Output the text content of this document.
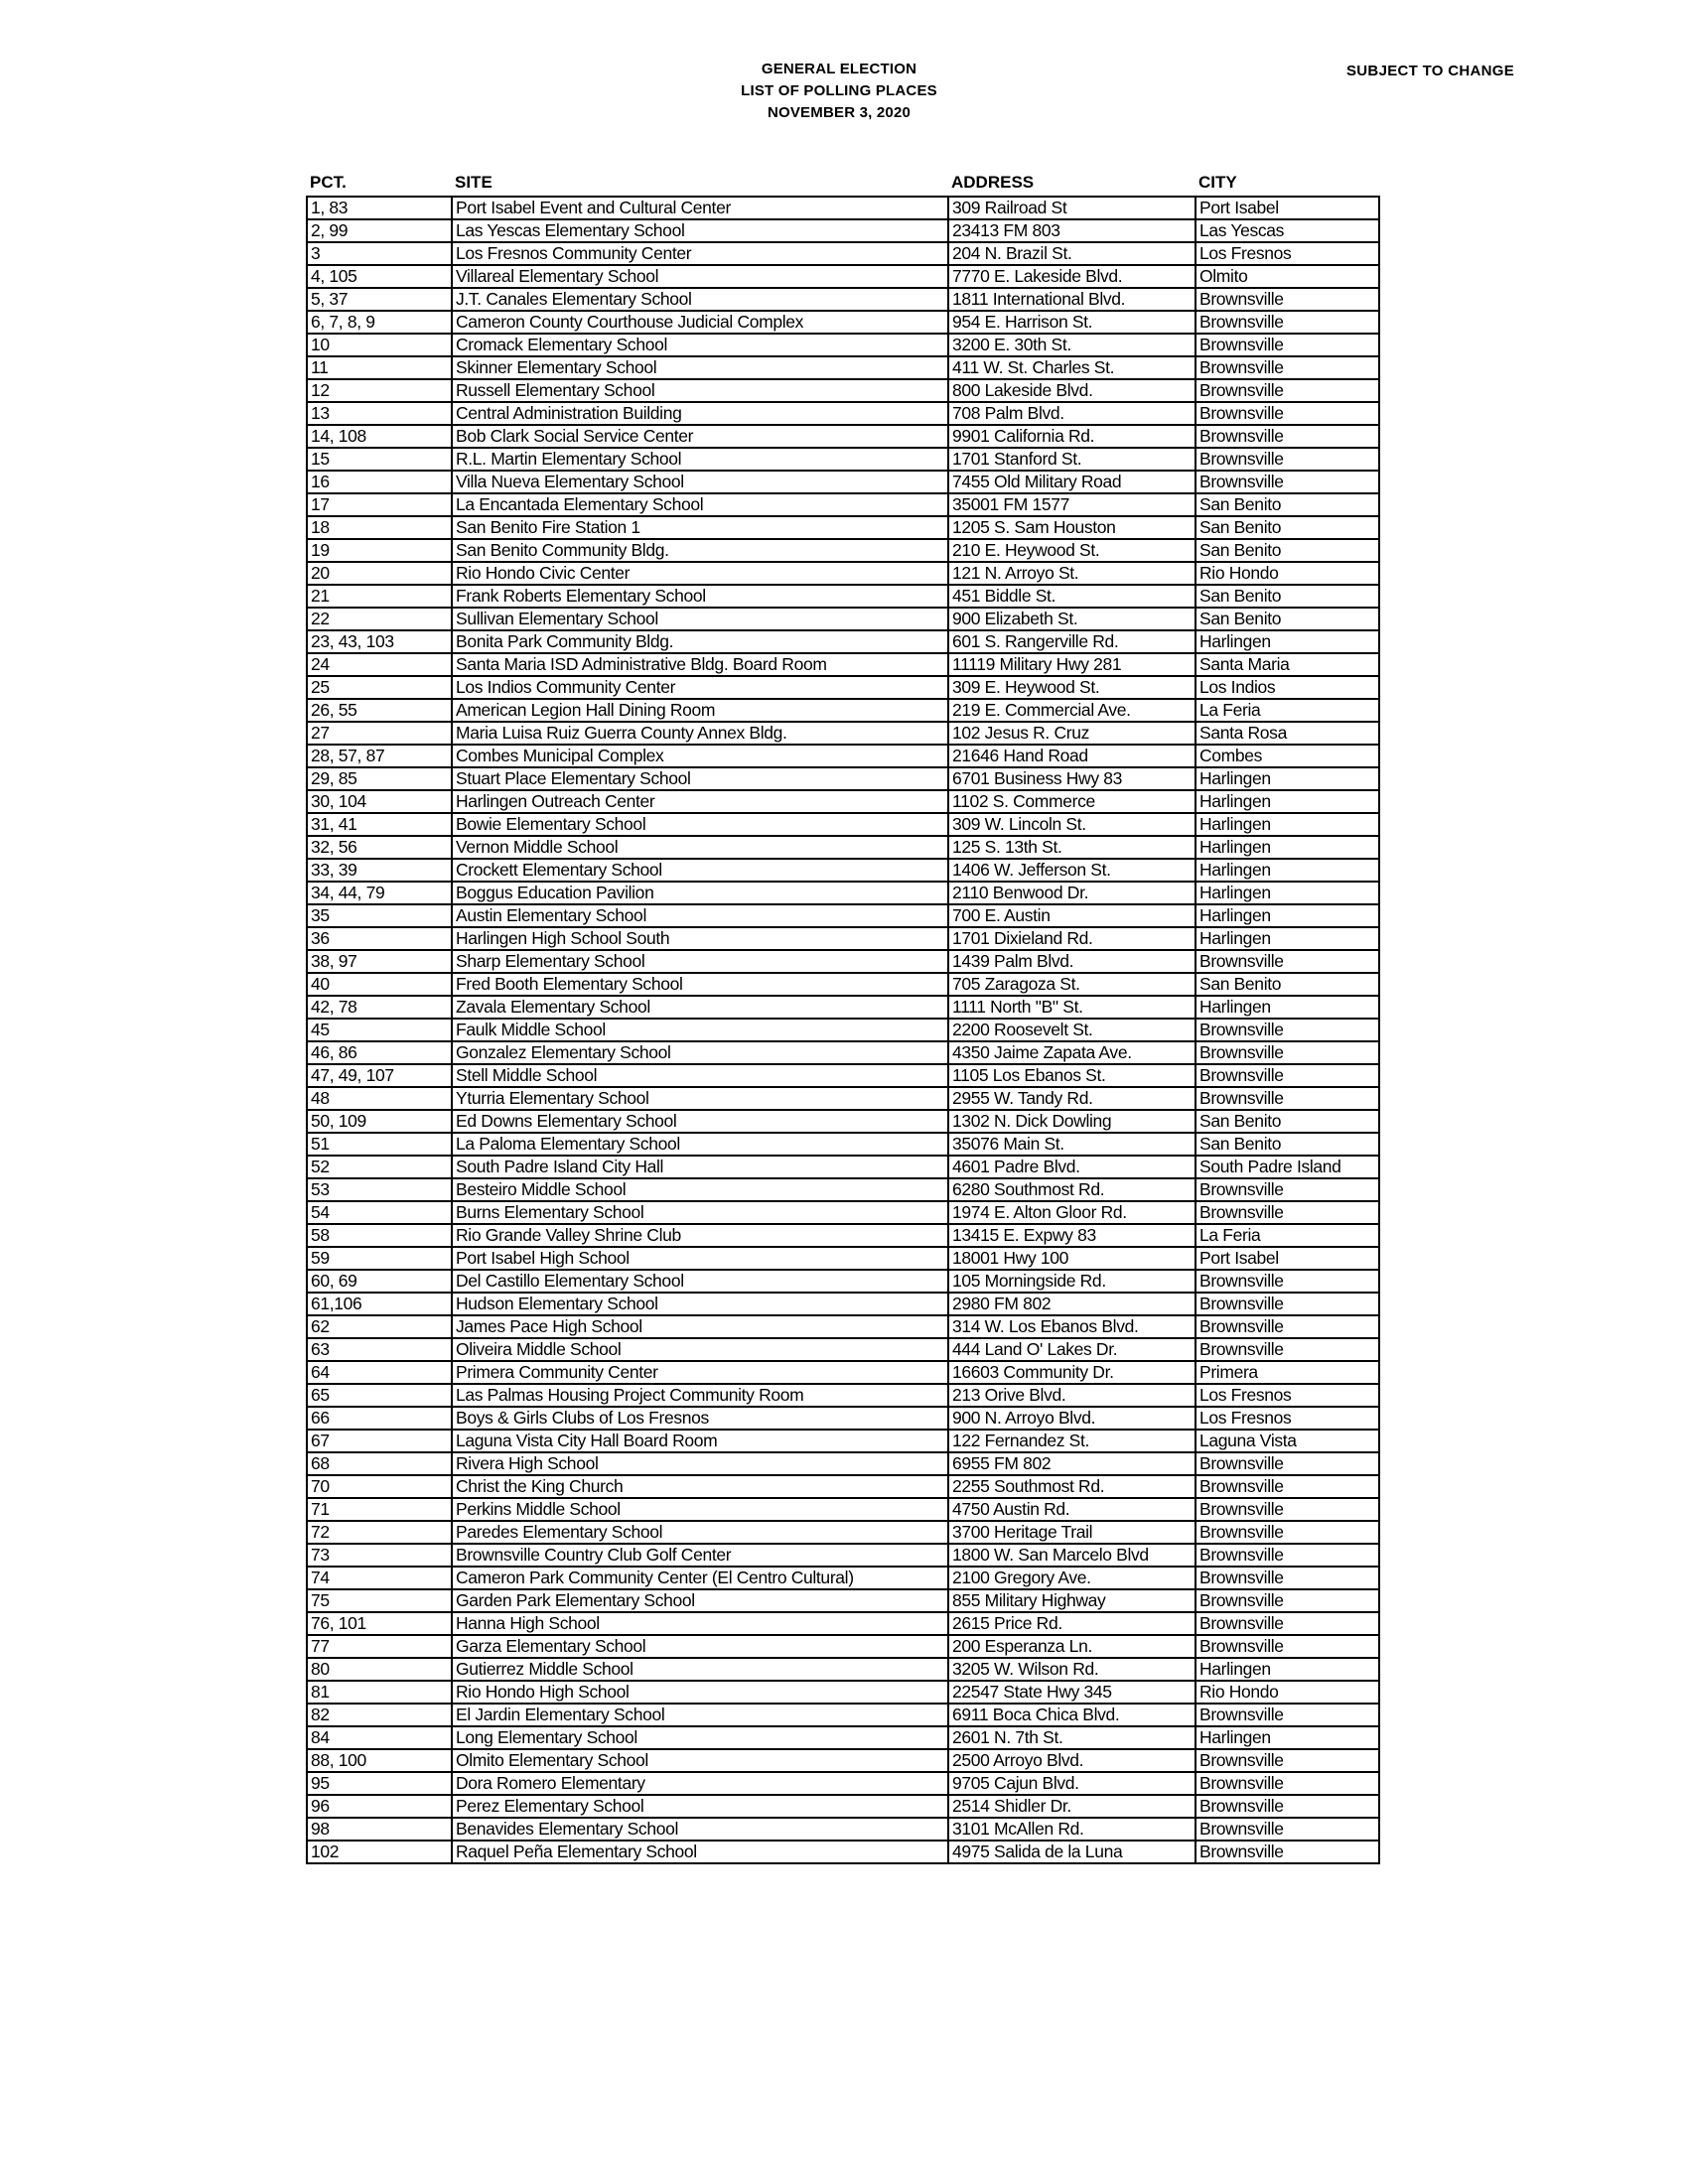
GENERAL ELECTION
LIST OF POLLING PLACES
NOVEMBER 3, 2020
SUBJECT TO CHANGE
PCT.	SITE	ADDRESS	CITY
1, 83	Port Isabel Event and Cultural Center	309 Railroad St	Port Isabel
2, 99	Las Yescas Elementary School	23413 FM 803	Las Yescas
3	Los Fresnos Community Center	204 N. Brazil St.	Los Fresnos
4, 105	Villareal Elementary School	7770 E. Lakeside Blvd.	Olmito
5, 37	J.T. Canales Elementary School	1811 International Blvd.	Brownsville
6, 7, 8, 9	Cameron County Courthouse Judicial Complex	954 E. Harrison St.	Brownsville
10	Cromack Elementary School	3200 E. 30th St.	Brownsville
11	Skinner Elementary School	411 W. St. Charles St.	Brownsville
12	Russell Elementary School	800 Lakeside Blvd.	Brownsville
13	Central Administration Building	708 Palm Blvd.	Brownsville
14, 108	Bob Clark Social Service Center	9901 California Rd.	Brownsville
15	R.L. Martin Elementary School	1701 Stanford St.	Brownsville
16	Villa Nueva Elementary School	7455 Old Military Road	Brownsville
17	La Encantada Elementary School	35001 FM 1577	San Benito
18	San Benito Fire Station 1	1205 S. Sam Houston	San Benito
19	San Benito Community Bldg.	210 E. Heywood St.	San Benito
20	Rio Hondo Civic Center	121 N. Arroyo St.	Rio Hondo
21	Frank Roberts Elementary School	451 Biddle St.	San Benito
22	Sullivan Elementary School	900 Elizabeth St.	San Benito
23, 43, 103	Bonita Park Community Bldg.	601 S. Rangerville Rd.	Harlingen
24	Santa Maria ISD Administrative Bldg. Board Room	11119 Military Hwy 281	Santa Maria
25	Los Indios Community Center	309 E. Heywood St.	Los Indios
26, 55	American Legion Hall Dining Room	219 E. Commercial Ave.	La Feria
27	Maria Luisa Ruiz Guerra County Annex Bldg.	102 Jesus R. Cruz	Santa Rosa
28, 57, 87	Combes Municipal Complex	21646 Hand Road	Combes
29, 85	Stuart Place Elementary School	6701 Business Hwy 83	Harlingen
30, 104	Harlingen Outreach Center	1102 S. Commerce	Harlingen
31, 41	Bowie Elementary School	309 W. Lincoln St.	Harlingen
32, 56	Vernon Middle School	125 S. 13th St.	Harlingen
33, 39	Crockett Elementary School	1406 W. Jefferson St.	Harlingen
34, 44, 79	Boggus Education Pavilion	2110 Benwood Dr.	Harlingen
35	Austin Elementary School	700 E. Austin	Harlingen
36	Harlingen High School South	1701 Dixieland Rd.	Harlingen
38, 97	Sharp Elementary School	1439 Palm Blvd.	Brownsville
40	Fred Booth Elementary School	705 Zaragoza St.	San Benito
42, 78	Zavala Elementary School	1111 North "B" St.	Harlingen
45	Faulk Middle School	2200 Roosevelt St.	Brownsville
46, 86	Gonzalez Elementary School	4350 Jaime Zapata Ave.	Brownsville
47, 49, 107	Stell Middle School	1105 Los Ebanos St.	Brownsville
48	Yturria Elementary School	2955 W. Tandy Rd.	Brownsville
50, 109	Ed Downs Elementary School	1302 N. Dick Dowling	San Benito
51	La Paloma Elementary School	35076 Main St.	San Benito
52	South Padre Island City Hall	4601 Padre Blvd.	South Padre Island
53	Besteiro Middle School	6280 Southmost Rd.	Brownsville
54	Burns Elementary School	1974 E. Alton Gloor Rd.	Brownsville
58	Rio Grande Valley Shrine Club	13415 E. Expwy 83	La Feria
59	Port Isabel High School	18001 Hwy 100	Port Isabel
60, 69	Del Castillo Elementary School	105 Morningside Rd.	Brownsville
61,106	Hudson Elementary School	2980 FM 802	Brownsville
62	James Pace High School	314 W. Los Ebanos Blvd.	Brownsville
63	Oliveira Middle School	444 Land O' Lakes Dr.	Brownsville
64	Primera Community Center	16603 Community Dr.	Primera
65	Las Palmas Housing Project Community Room	213 Orive Blvd.	Los Fresnos
66	Boys & Girls Clubs of Los Fresnos	900 N. Arroyo Blvd.	Los Fresnos
67	Laguna Vista City Hall Board Room	122 Fernandez St.	Laguna Vista
68	Rivera High School	6955 FM 802	Brownsville
70	Christ the King Church	2255 Southmost Rd.	Brownsville
71	Perkins Middle School	4750 Austin Rd.	Brownsville
72	Paredes Elementary School	3700 Heritage Trail	Brownsville
73	Brownsville Country Club Golf Center	1800 W. San Marcelo Blvd	Brownsville
74	Cameron Park Community Center (El Centro Cultural)	2100 Gregory Ave.	Brownsville
75	Garden Park Elementary School	855 Military Highway	Brownsville
76, 101	Hanna High School	2615 Price Rd.	Brownsville
77	Garza Elementary School	200 Esperanza Ln.	Brownsville
80	Gutierrez Middle School	3205 W. Wilson Rd.	Harlingen
81	Rio Hondo High School	22547 State Hwy 345	Rio Hondo
82	El Jardin Elementary School	6911 Boca Chica Blvd.	Brownsville
84	Long Elementary School	2601 N. 7th St.	Harlingen
88, 100	Olmito Elementary School	2500 Arroyo Blvd.	Brownsville
95	Dora Romero Elementary	9705 Cajun Blvd.	Brownsville
96	Perez Elementary School	2514 Shidler Dr.	Brownsville
98	Benavides Elementary School	3101 McAllen Rd.	Brownsville
102	Raquel Peña Elementary School	4975 Salida de la Luna	Brownsville
